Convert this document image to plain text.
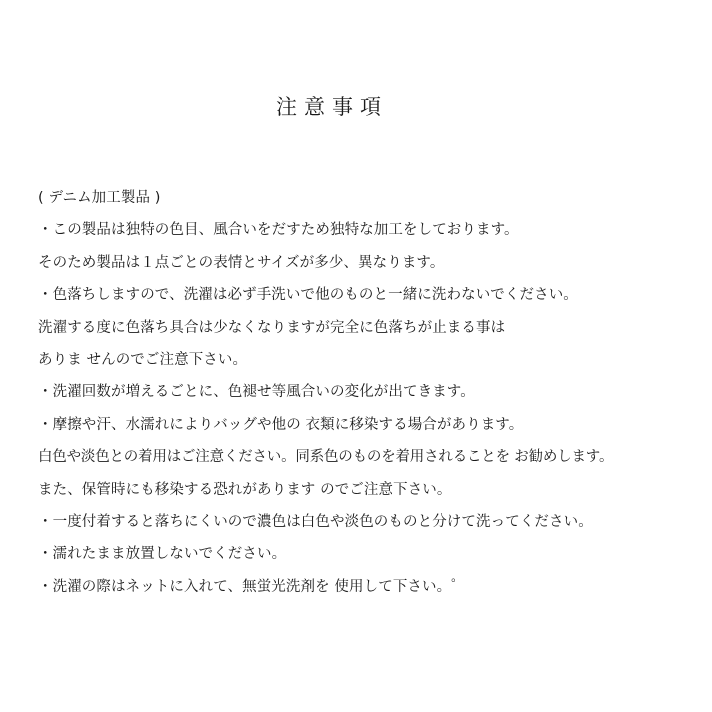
注意事項
( デニム加工製品 )
・この製品は独特の色目、風合いをだすため独特な加工をしております。
そのため製品は１点ごとの表情とサイズが多少、異なります。
・色落ちしますので、洗濯は必ず手洗いで他のものと一緒に洗わないでください。
洗濯する度に色落ち具合は少なくなりますが完全に色落ちが止まる事は
ありま せんのでご注意下さい。
・洗濯回数が増えるごとに、色褪せ等風合いの変化が出てきます。
・摩擦や汗、水濡れによりバッグや他の 衣類に移染する場合があります。
白色や淡色との着用はご注意ください。同系色のものを着用されることを お勧めします。
また、保管時にも移染する恐れがあります のでご注意下さい。
・一度付着すると落ちにくいので濃色は白色や淡色のものと分けて洗ってください。
・濡れたまま放置しないでください。
・洗濯の際はネットに入れて、無蛍光洗剤を 使用して下さい。゜
